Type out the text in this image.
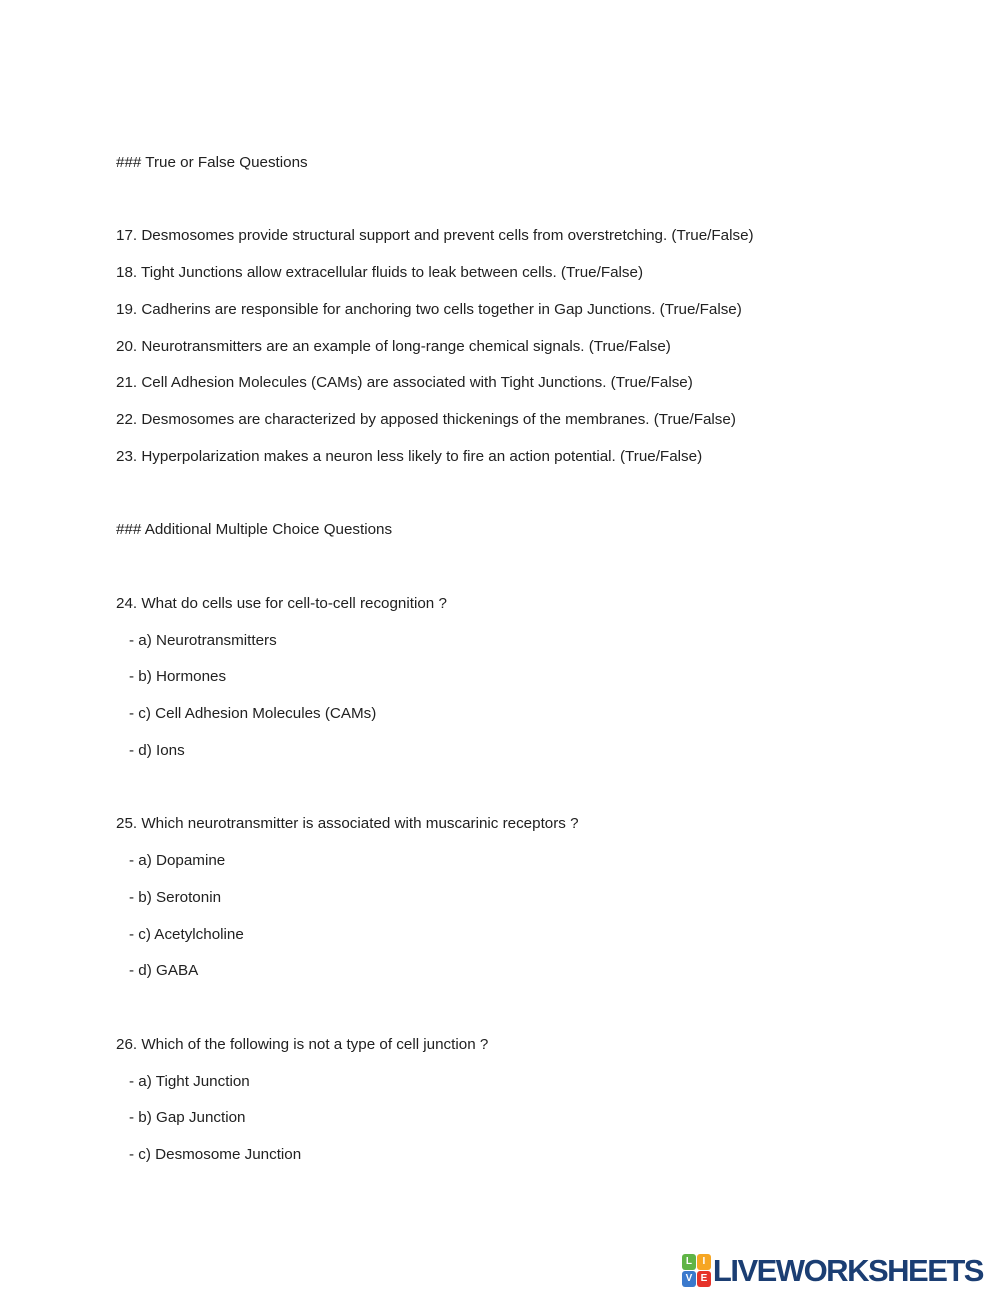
### True or False Questions
17. Desmosomes provide structural support and prevent cells from overstretching. (True/False)
18. Tight Junctions allow extracellular fluids to leak between cells. (True/False)
19. Cadherins are responsible for anchoring two cells together in Gap Junctions. (True/False)
20. Neurotransmitters are an example of long-range chemical signals. (True/False)
21. Cell Adhesion Molecules (CAMs) are associated with Tight Junctions. (True/False)
22. Desmosomes are characterized by apposed thickenings of the membranes. (True/False)
23. Hyperpolarization makes a neuron less likely to fire an action potential. (True/False)
### Additional Multiple Choice Questions
24. What do cells use for cell-to-cell recognition ?
- a) Neurotransmitters
- b) Hormones
- c) Cell Adhesion Molecules (CAMs)
- d) Ions
25. Which neurotransmitter is associated with muscarinic receptors ?
- a) Dopamine
- b) Serotonin
- c) Acetylcholine
- d) GABA
26. Which of the following is not a type of cell junction ?
- a) Tight Junction
- b) Gap Junction
- c) Desmosome Junction
L	I
V E LIVEWORKSHEETS
